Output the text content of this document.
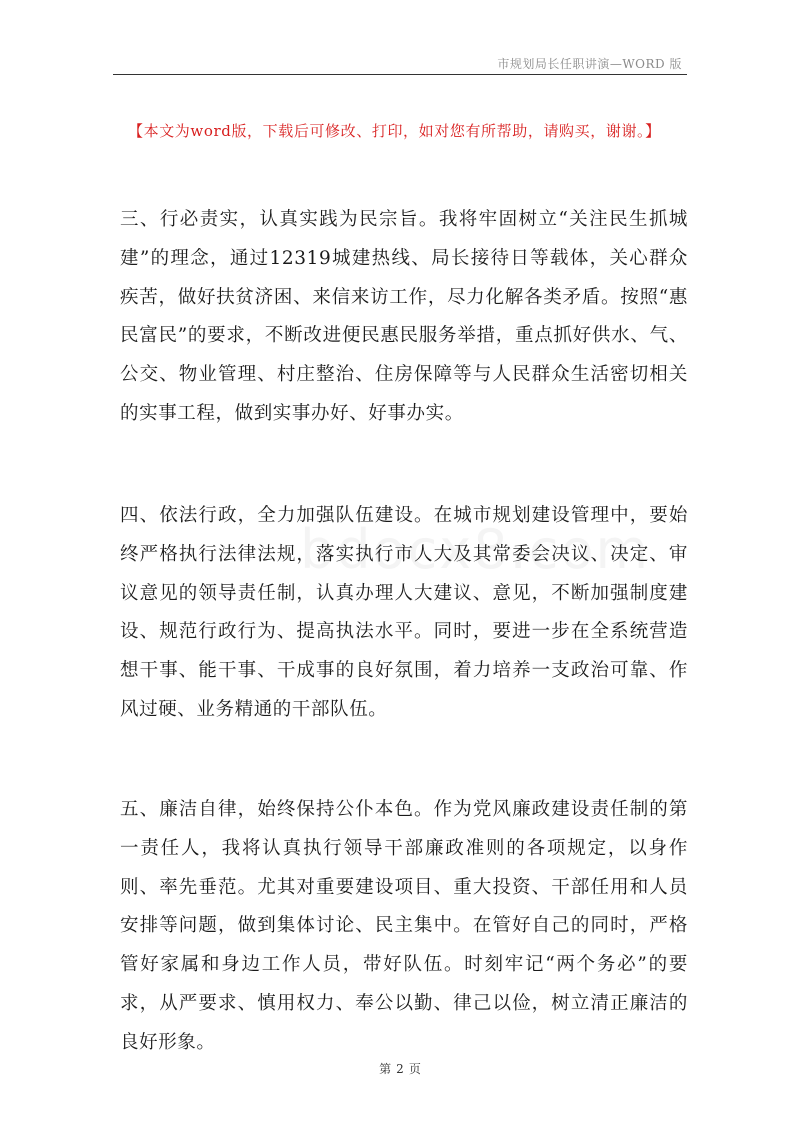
市规划局长任职讲演—WORD 版
【本文为word版，下载后可修改、打印，如对您有所帮助，请购买，谢谢。】

三、行必责实，认真实践为民宗旨。我将牢固树立“关注民生抓城建”的理念，通过12319城建热线、局长接待日等载体，关心群众疾苦，做好扶贫济困、来信来访工作，尽力化解各类矛盾。按照“惠民富民”的要求，不断改进便民惠民服务举措，重点抓好供水、气、公交、物业管理、村庄整治、住房保障等与人民群众生活密切相关的实事工程，做到实事办好、好事办实。

四、依法行政，全力加强队伍建设。在城市规划建设管理中，要始终严格执行法律法规，落实执行市人大及其常委会决议、决定、审议意见的领导责任制，认真办理人大建议、意见，不断加强制度建设、规范行政行为、提高执法水平。同时，要进一步在全系统营造想干事、能干事、干成事的良好氛围，着力培养一支政治可靠、作风过硬、业务精通的干部队伍。

五、廉洁自律，始终保持公仆本色。作为党风廉政建设责任制的第一责任人，我将认真执行领导干部廉政准则的各项规定，以身作则、率先垂范。尤其对重要建设项目、重大投资、干部任用和人员安排等问题，做到集体讨论、民主集中。在管好自己的同时，严格管好家属和身边工作人员，带好队伍。时刻牢记“两个务必”的要求，从严要求、慎用权力、奉公以勤、律己以俭，树立清正廉洁的良好形象。

第 2 页
